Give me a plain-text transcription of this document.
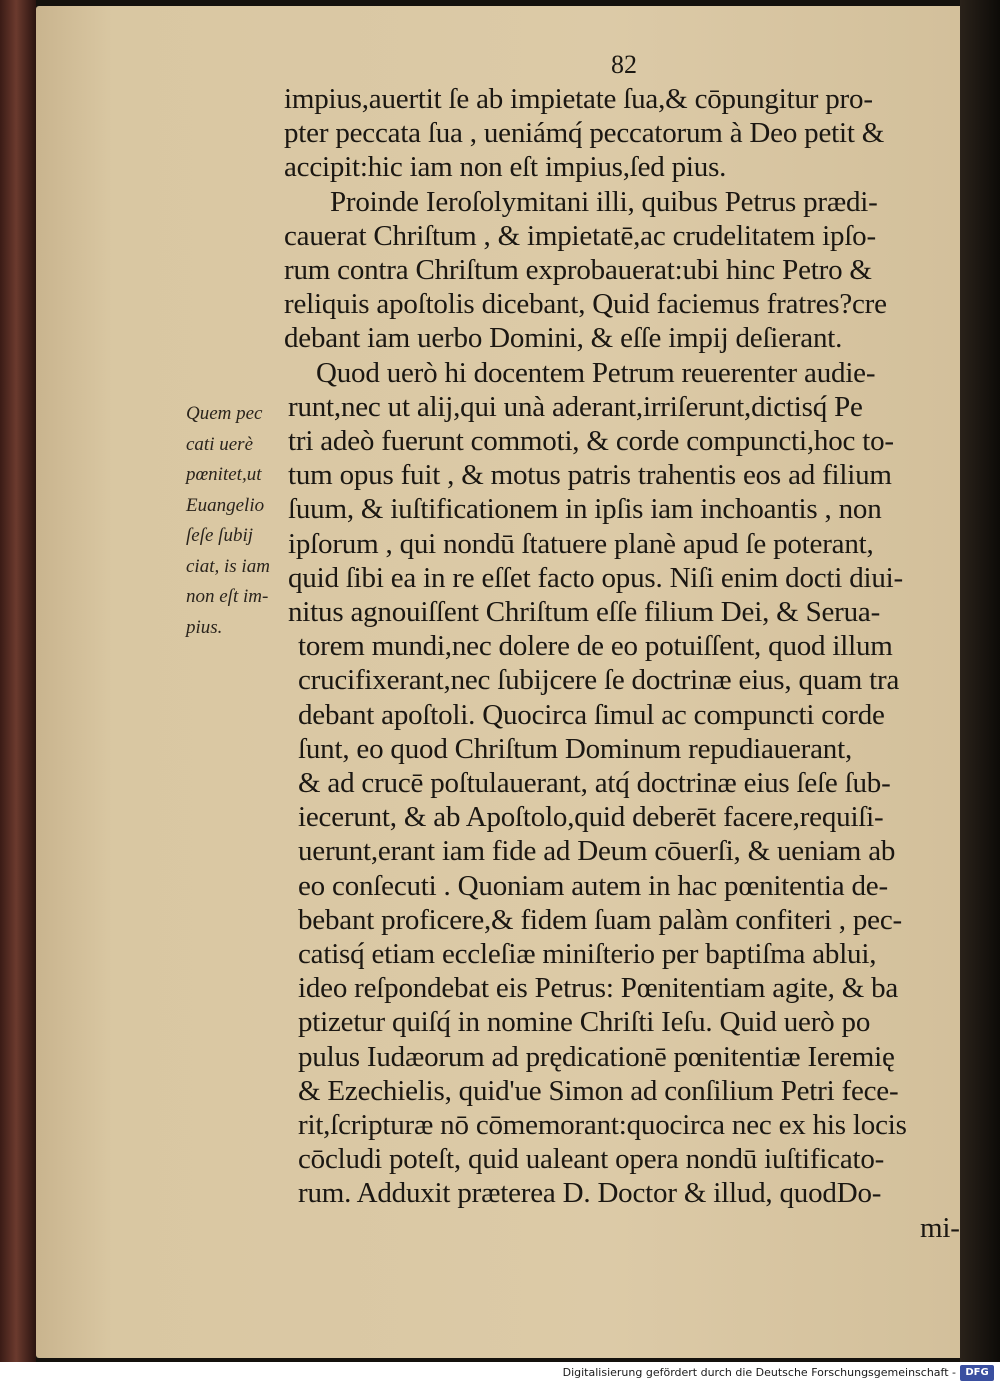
82
impius,auertit ſe ab impietate ſua,& cōpungitur pro-
pter peccata ſua , ueniámq́ peccatorum à Deo petit &
accipit:hic iam non eſt impius,ſed pius.
Proinde Ieroſolymitani illi, quibus Petrus prædi-
cauerat Chriſtum , & impietatē,ac crudelitatem ipſo-
rum contra Chriſtum exprobauerat:ubi hinc Petro &
reliquis apoſtolis dicebant, Quid faciemus fratres?cre
debant iam uerbo Domini, & eſſe impij deſierant.
Quod uerò hi docentem Petrum reuerenter audie-
runt,nec ut alij,qui unà aderant,irriſerunt,dictisq́ Pe
tri adeò fuerunt commoti, & corde compuncti,hoc to-
tum opus fuit , & motus patris trahentis eos ad filium
ſuum, & iuſtificationem in ipſis iam inchoantis , non
ipſorum , qui nondū ſtatuere planè apud ſe poterant,
quid ſibi ea in re eſſet facto opus. Niſi enim docti diui-
nitus agnouiſſent Chriſtum eſſe filium Dei, & Serua-
torem mundi,nec dolere de eo potuiſſent, quod illum
crucifixerant,nec ſubijcere ſe doctrinæ eius, quam tra
debant apoſtoli. Quocirca ſimul ac compuncti corde
ſunt, eo quod Chriſtum Dominum repudiauerant,
& ad crucē poſtulauerant, atq́ doctrinæ eius ſeſe ſub-
iecerunt, & ab Apoſtolo,quid deberēt facere,requiſi-
uerunt,erant iam fide ad Deum cōuerſi, & ueniam ab
eo conſecuti . Quoniam autem in hac pœnitentia de-
bebant proficere,& fidem ſuam palàm confiteri , pec-
catisq́ etiam eccleſiæ miniſterio per baptiſma ablui,
ideo reſpondebat eis Petrus: Pœnitentiam agite, & ba
ptizetur quiſq́ in nomine Chriſti Ieſu. Quid uerò po
pulus Iudæorum ad prędicationē pœnitentiæ Ieremię
& Ezechielis, quid'ue Simon ad conſilium Petri fece-
rit,ſcripturæ nō cōmemorant:quocirca nec ex his locis
cōcludi poteſt, quid ualeant opera nondū iuſtificato-
rum. Adduxit præterea D. Doctor & illud, quodDo-
mi-
Quem pec
cati uerè
pœnitet,ut
Euangelio
ſeſe ſubij
ciat, is iam
non eſt im-
pius.
Digitalisierung gefördert durch die Deutsche Forschungsgemeinschaft - DFG
